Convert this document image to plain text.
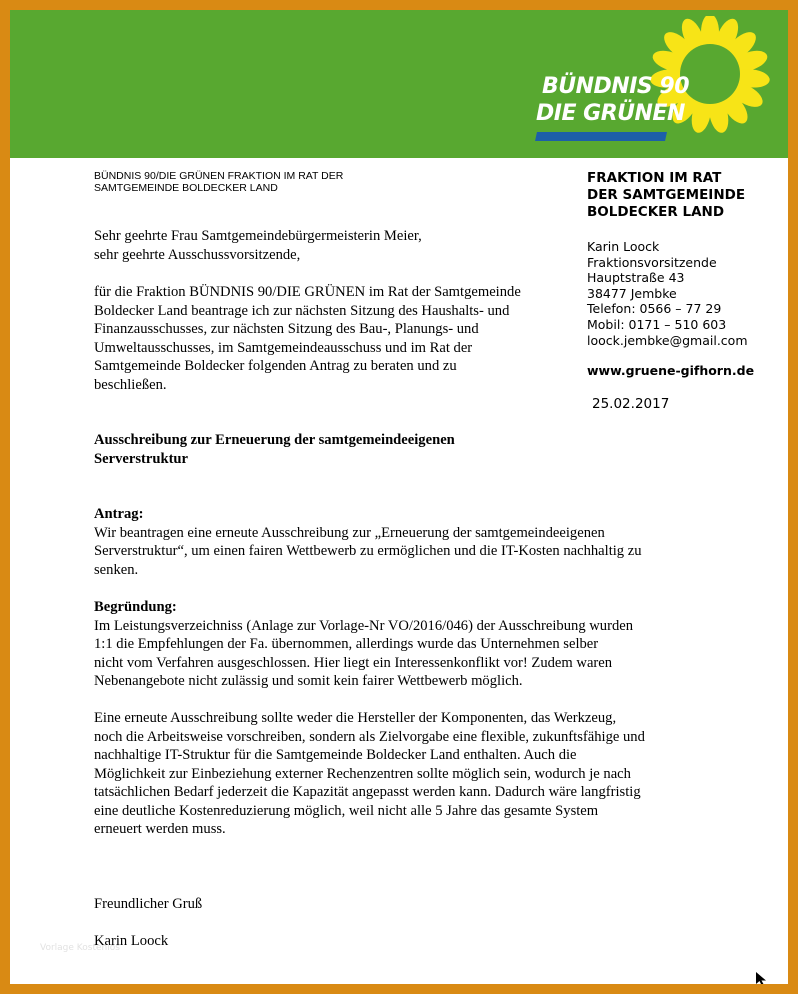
BÜNDNIS 90
DIE GRÜNEN
BÜNDNIS 90/DIE GRÜNEN FRAKTION IM RAT DER
SAMTGEMEINDE BOLDECKER LAND
FRAKTION IM RAT
DER SAMTGEMEINDE
BOLDECKER LAND
Karin Loock
Fraktionsvorsitzende
Hauptstraße 43
38477 Jembke
Telefon: 0566 – 77 29
Mobil: 0171 – 510 603
loock.jembke@gmail.com
www.gruene-gifhorn.de
25.02.2017
Sehr geehrte Frau Samtgemeindebürgermeisterin Meier,
sehr geehrte Ausschussvorsitzende,
für die Fraktion BÜNDNIS 90/DIE GRÜNEN im Rat der Samtgemeinde
Boldecker Land beantrage ich zur nächsten Sitzung des Haushalts- und
Finanzausschusses, zur nächsten Sitzung des Bau-, Planungs- und
Umweltausschusses, im Samtgemeindeausschuss und im Rat der
Samtgemeinde Boldecker folgenden Antrag zu beraten und zu
beschließen.
Ausschreibung zur Erneuerung der samtgemeindeeigenen
Serverstruktur
Antrag:
Wir beantragen eine erneute Ausschreibung zur „Erneuerung der samtgemeindeeigenen
Serverstruktur“, um einen fairen Wettbewerb zu ermöglichen und die IT-Kosten nachhaltig zu
senken.
Begründung:
Im Leistungsverzeichniss (Anlage zur Vorlage-Nr VO/2016/046) der Ausschreibung wurden
1:1 die Empfehlungen der Fa. übernommen, allerdings wurde das Unternehmen selber
nicht vom Verfahren ausgeschlossen. Hier liegt ein Interessenkonflikt vor! Zudem waren
Nebenangebote nicht zulässig und somit kein fairer Wettbewerb möglich.
Eine erneute Ausschreibung sollte weder die Hersteller der Komponenten, das Werkzeug,
noch die Arbeitsweise vorschreiben, sondern als Zielvorgabe eine flexible, zukunftsfähige und
nachhaltige IT-Struktur für die Samtgemeinde Boldecker Land enthalten. Auch die
Möglichkeit zur Einbeziehung externer Rechenzentren sollte möglich sein, wodurch je nach
tatsächlichen Bedarf jederzeit die Kapazität angepasst werden kann. Dadurch wäre langfristig
eine deutliche Kostenreduzierung möglich, weil nicht alle 5 Jahre das gesamte System
erneuert werden muss.
Freundlicher Gruß
Karin Loock
Vorlage Kostenlos
